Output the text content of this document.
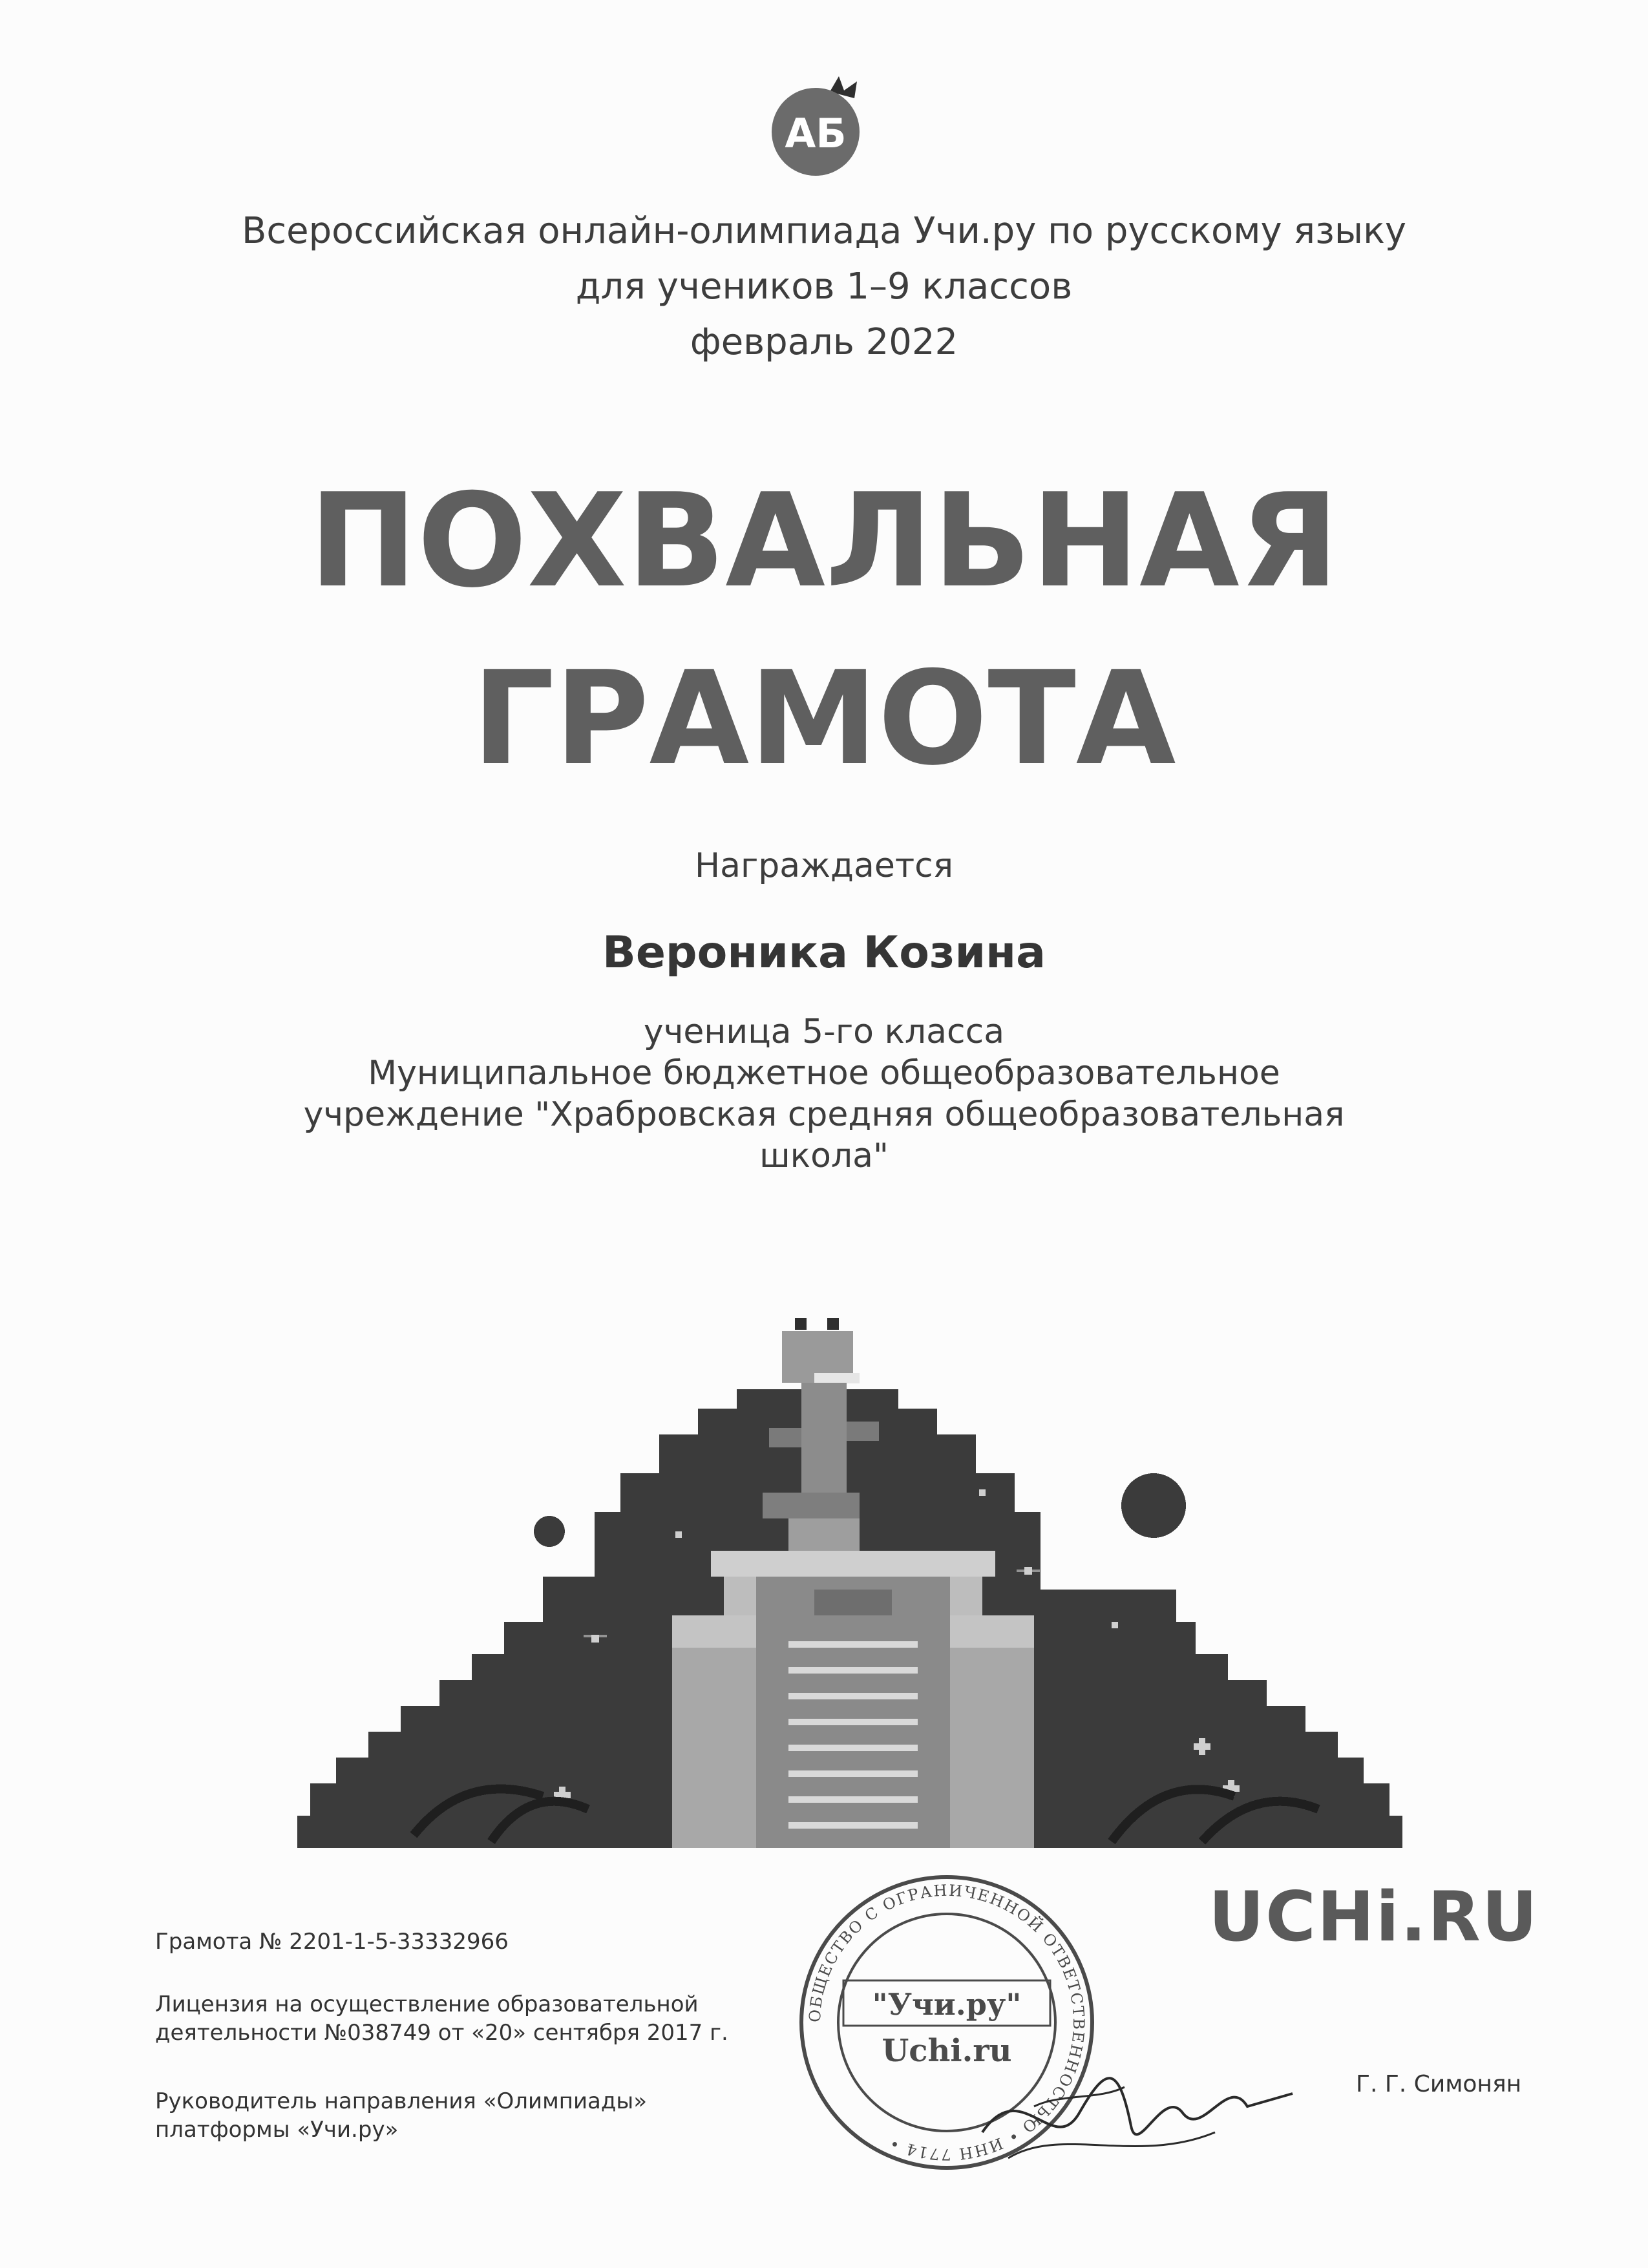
АБ
Всероссийская онлайн-олимпиада Учи.ру по русскому языку
для учеников 1–9 классов
февраль 2022
ПОХВАЛЬНАЯ
ГРАМОТА
Награждается
Вероника Козина
ученица 5-го класса
Муниципальное бюджетное общеобразовательное
учреждение "Храбровская средняя общеобразовательная
школа"
Грамота № 2201-1-5-33332966
Лицензия на осуществление образовательной
деятельности №038749 от «20» сентября 2017 г.
Руководитель направления «Олимпиады»
платформы «Учи.ру»
UCHi.RU
ОБЩЕСТВО С ОГРАНИЧЕННОЙ ОТВЕТСТВЕННОСТЬЮ • ИНН 7714 •
"Учи.ру"
Uchi.ru
Г. Г. Симонян
